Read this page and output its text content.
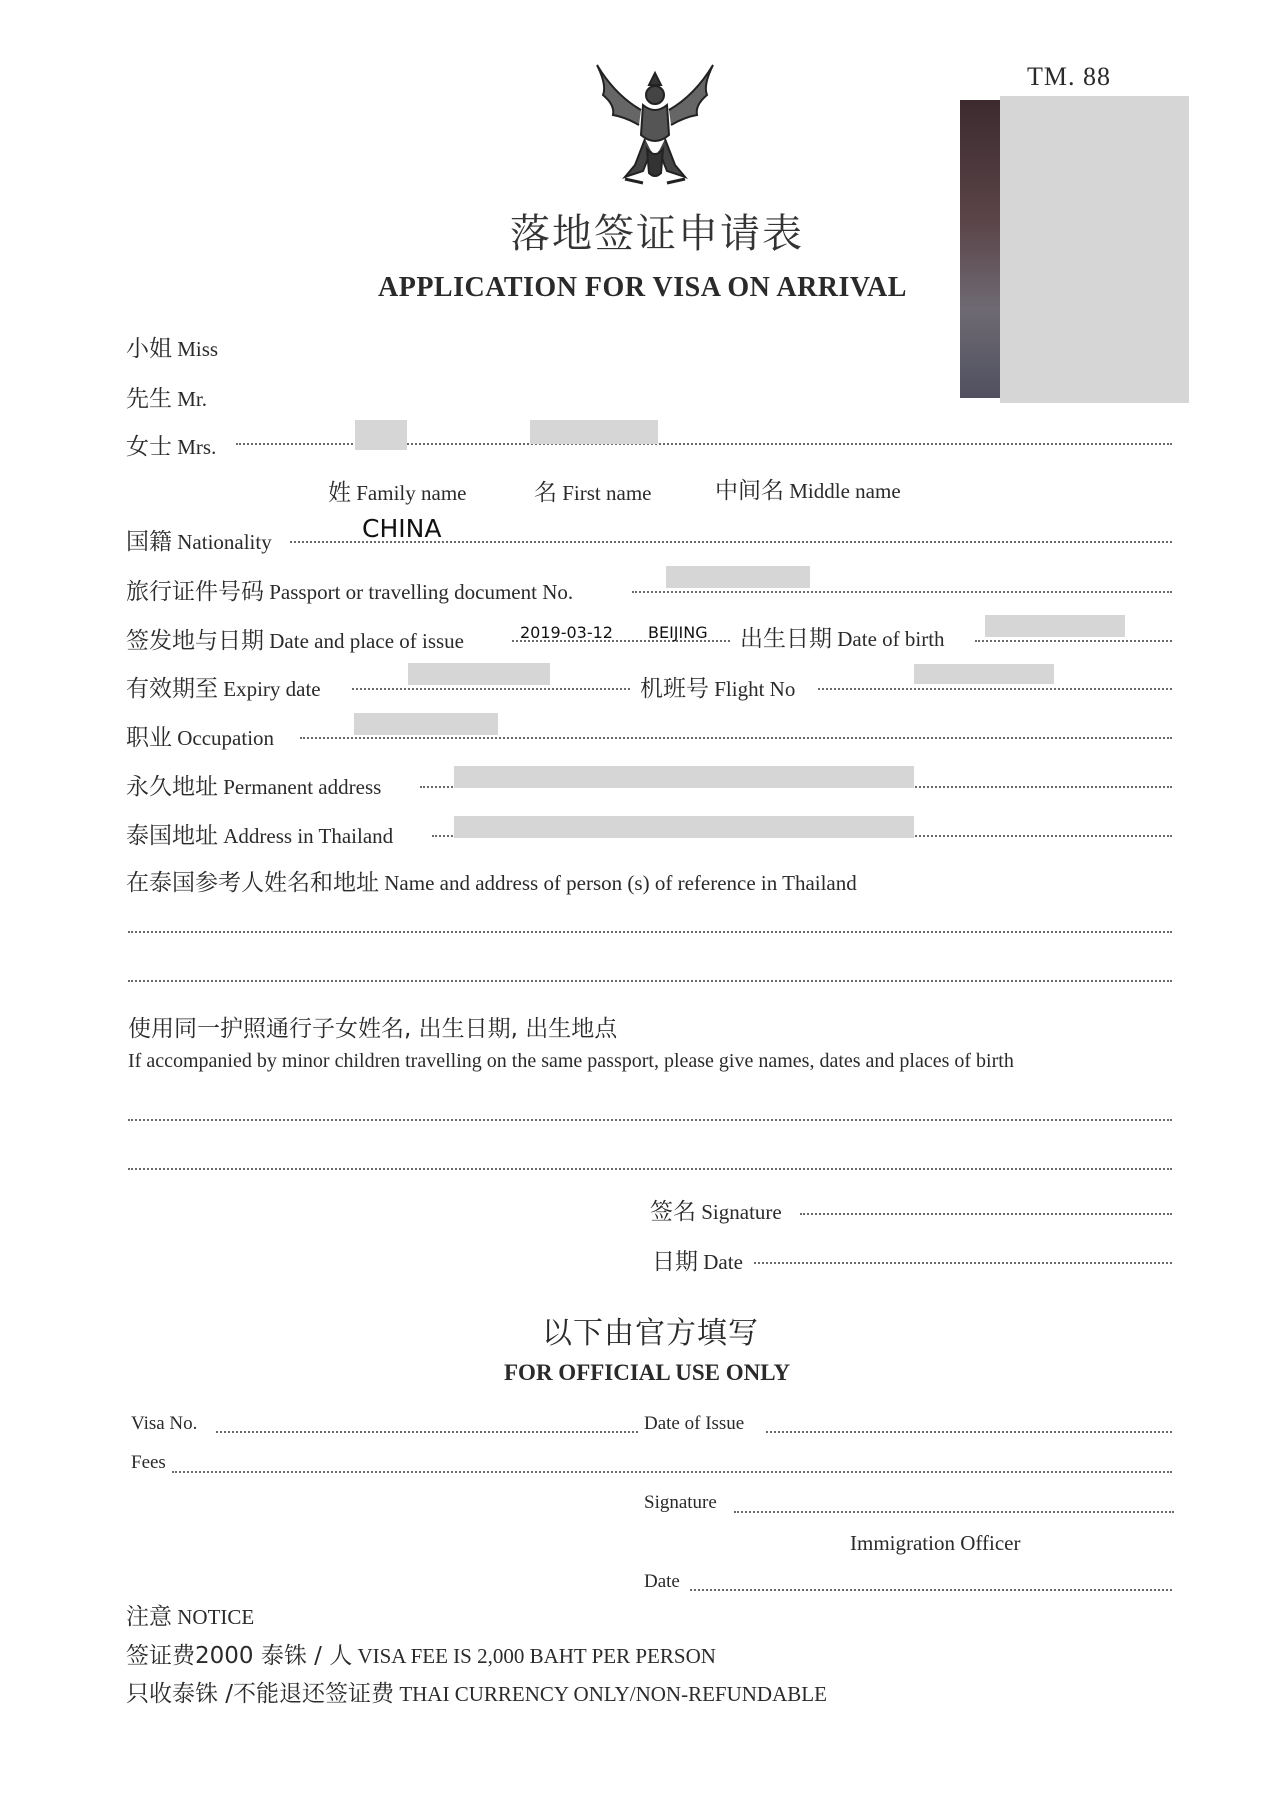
TM. 88
落地签证申请表
APPLICATION FOR VISA ON ARRIVAL
小姐 Miss
先生 Mr.
女士 Mrs.
姓 Family name	名 First name	中间名 Middle name
国籍 Nationality	CHINA
旅行证件号码 Passport or travelling document No.
签发地与日期 Date and place of issue	2019-03-12 BEIJING 出生日期 Date of birth
有效期至 Expiry date	机班号 Flight No
职业 Occupation
永久地址 Permanent address
泰国地址 Address in Thailand
在泰国参考人姓名和地址 Name and address of person (s) of reference in Thailand
使用同一护照通行子女姓名, 出生日期, 出生地点
If accompanied by minor children travelling on the same passport, please give names, dates and places of birth
签名 Signature
日期 Date
以下由官方填写
FOR OFFICIAL USE ONLY
Visa No.	Date of Issue
Fees
Signature
Immigration Officer
Date
注意 NOTICE
签证费2000 泰铢 / 人 VISA FEE IS 2,000 BAHT PER PERSON
只收泰铢 /不能退还签证费 THAI CURRENCY ONLY/NON-REFUNDABLE
